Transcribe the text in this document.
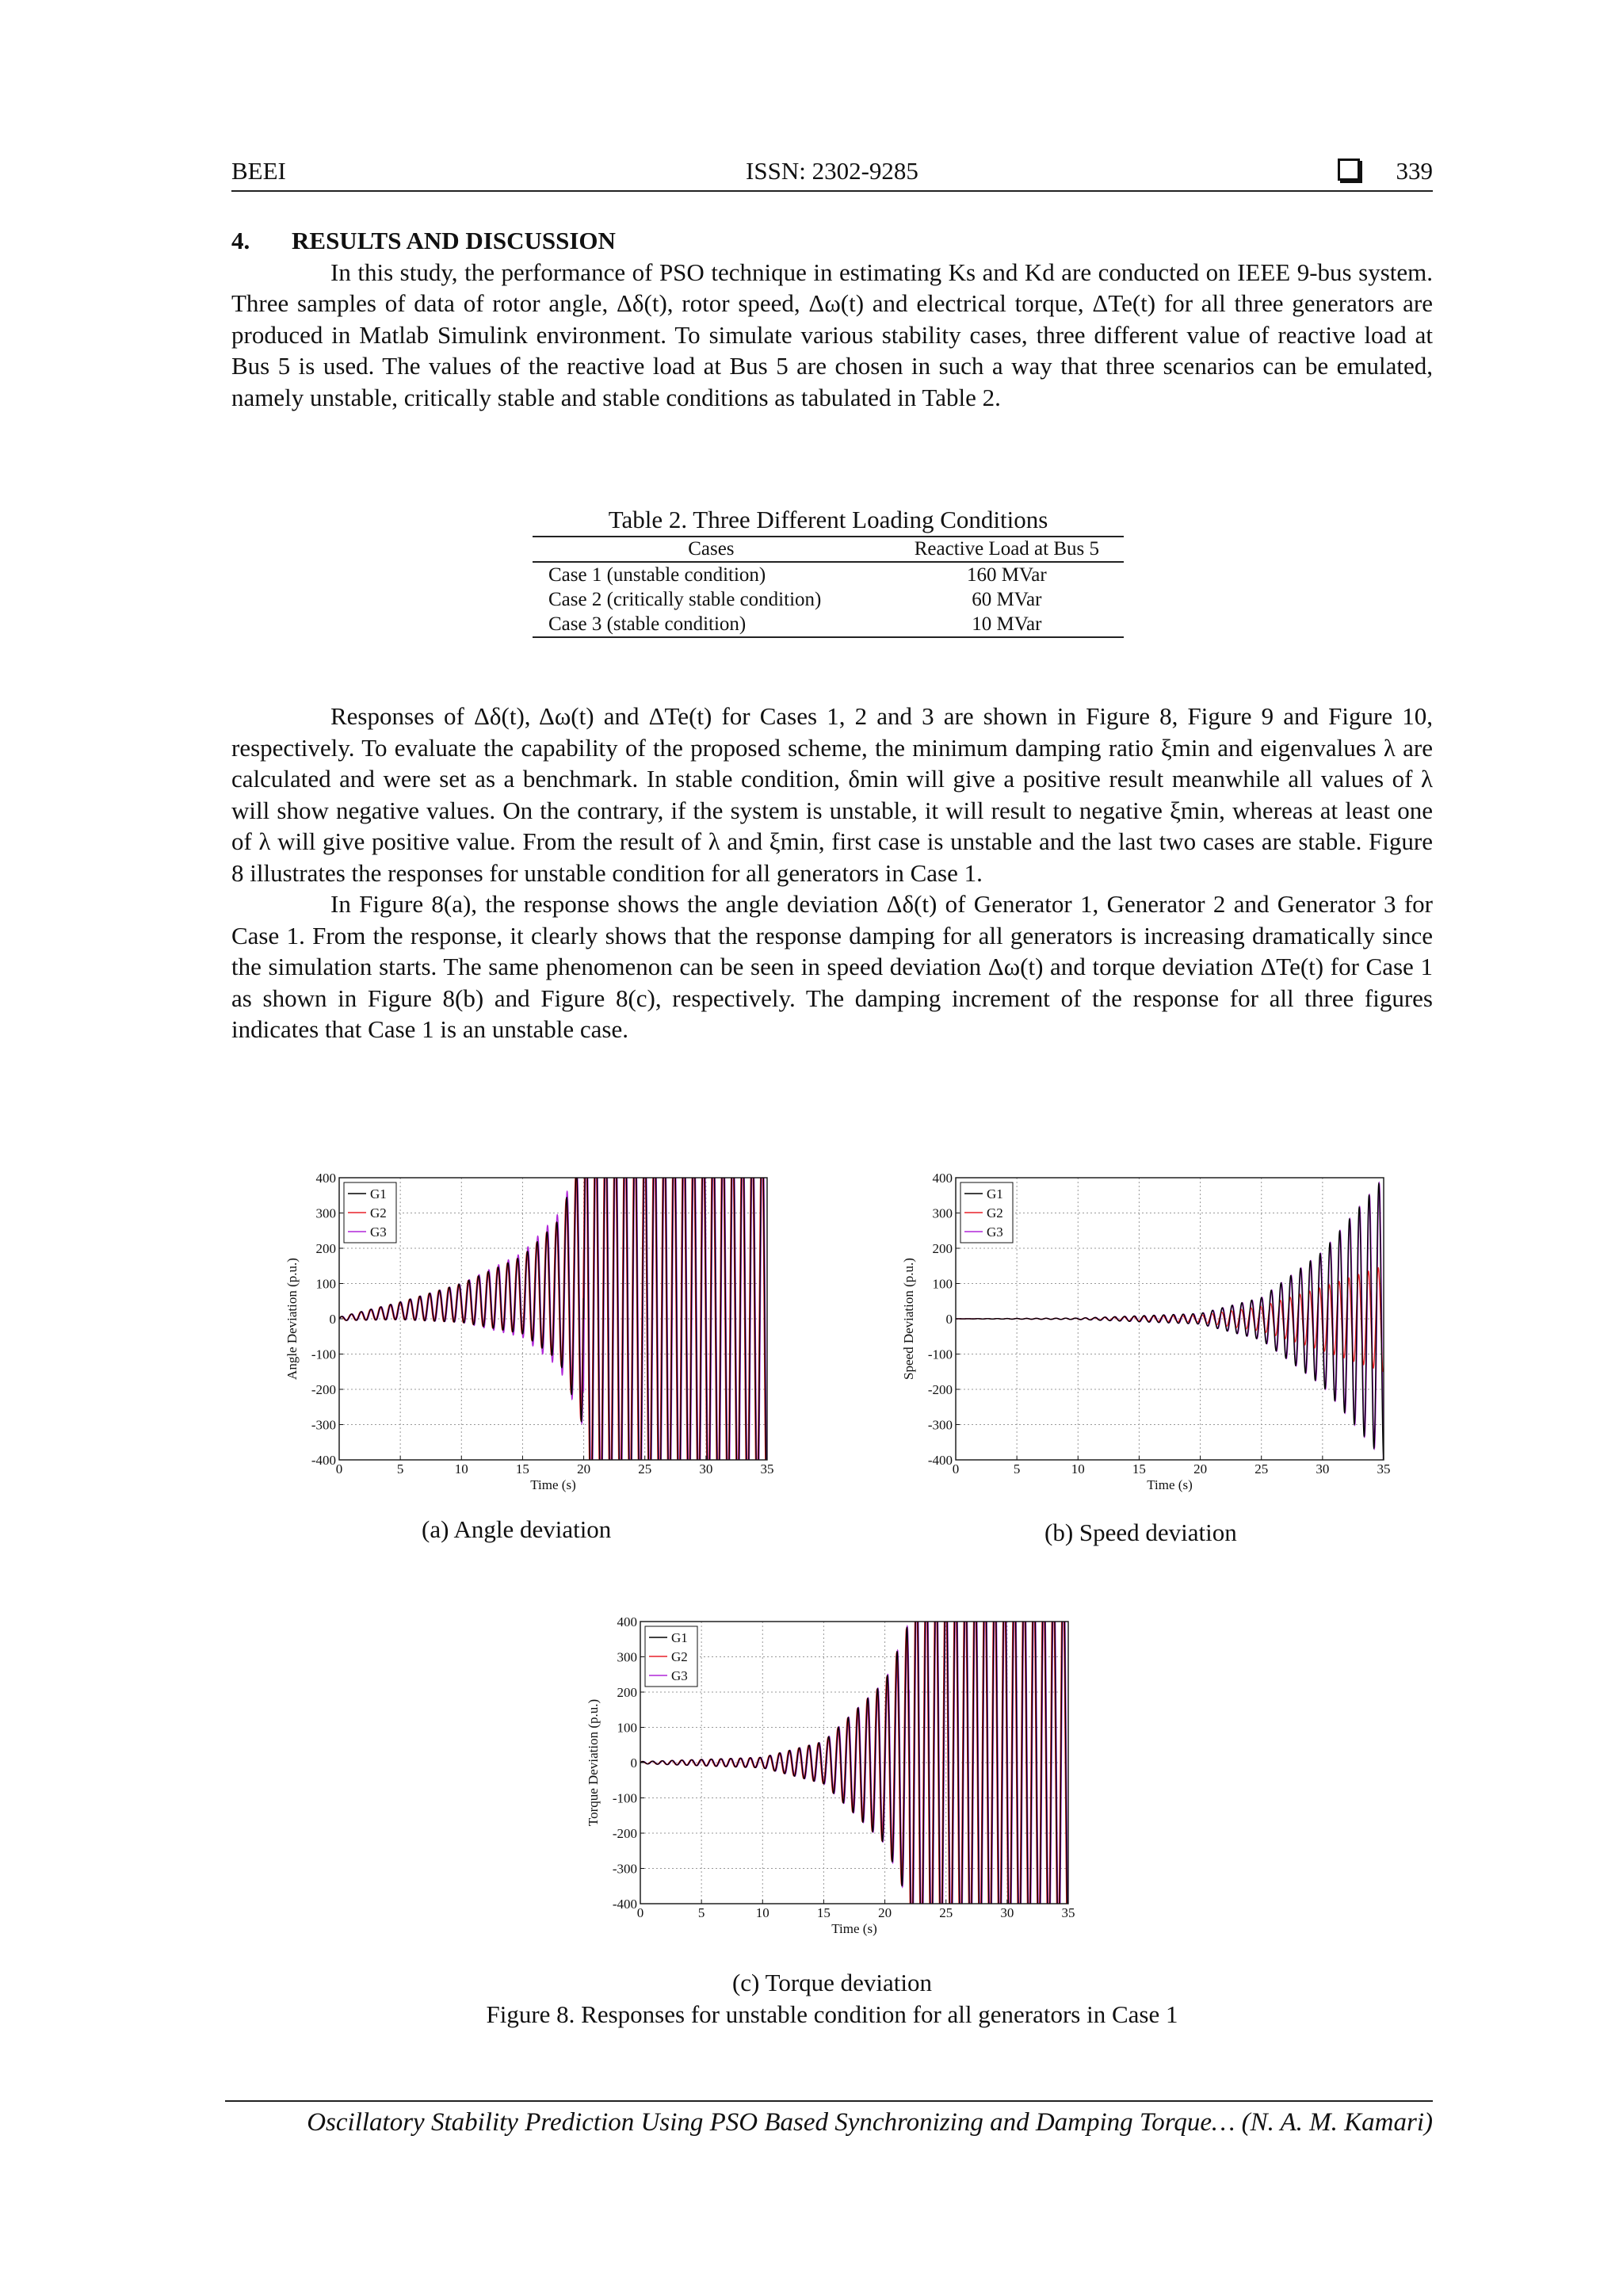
BEEI	ISSN: 2302-9285	339

4. RESULTS AND DISCUSSION

In this study, the performance of PSO technique in estimating Ks and Kd are conducted on IEEE 9-bus system. Three samples of data of rotor angle, Δδ(t), rotor speed, Δω(t) and electrical torque, ΔTe(t) for all three generators are produced in Matlab Simulink environment. To simulate various stability cases, three different value of reactive load at Bus 5 is used. The values of the reactive load at Bus 5 are chosen in such a way that three scenarios can be emulated, namely unstable, critically stable and stable conditions as tabulated in Table 2.

Table 2. Three Different Loading Conditions
Cases	Reactive Load at Bus 5
Case 1 (unstable condition)	160 MVar
Case 2 (critically stable condition)	60 MVar
Case 3 (stable condition)	10 MVar

Responses of Δδ(t), Δω(t) and ΔTe(t) for Cases 1, 2 and 3 are shown in Figure 8, Figure 9 and Figure 10, respectively. To evaluate the capability of the proposed scheme, the minimum damping ratio ξmin and eigenvalues λ are calculated and were set as a benchmark. In stable condition, δmin will give a positive result meanwhile all values of λ will show negative values. On the contrary, if the system is unstable, it will result to negative ξmin, whereas at least one of λ will give positive value. From the result of λ and ξmin, first case is unstable and the last two cases are stable. Figure 8 illustrates the responses for unstable condition for all generators in Case 1.

In Figure 8(a), the response shows the angle deviation Δδ(t) of Generator 1, Generator 2 and Generator 3 for Case 1. From the response, it clearly shows that the response damping for all generators is increasing dramatically since the simulation starts. The same phenomenon can be seen in speed deviation Δω(t) and torque deviation ΔTe(t) for Case 1 as shown in Figure 8(b) and Figure 8(c), respectively. The damping increment of the response for all three figures indicates that Case 1 is an unstable case.

0	5	10	15	20	25	30	35
400
300
200
100
0
-100
-200
-300
-400
Time (s)
Angle Deviation (p.u.)
G1
G2
G3
0	5	10	15	20	25	30	35
400
300
200
100
0
-100
-200
-300
-400
Time (s)
Speed Deviation (p.u.)
G1
G2
G3
0	5	10	15	20	25	30	35
400
300
200
100
0
-100
-200
-300
-400
Time (s)
Torque Deviation (p.u.)
G1
G2
G3
(a) Angle deviation	(b) Speed deviation
(c) Torque deviation
Figure 8. Responses for unstable condition for all generators in Case 1
Oscillatory Stability Prediction Using PSO Based Synchronizing and Damping Torque… (N. A. M. Kamari)
